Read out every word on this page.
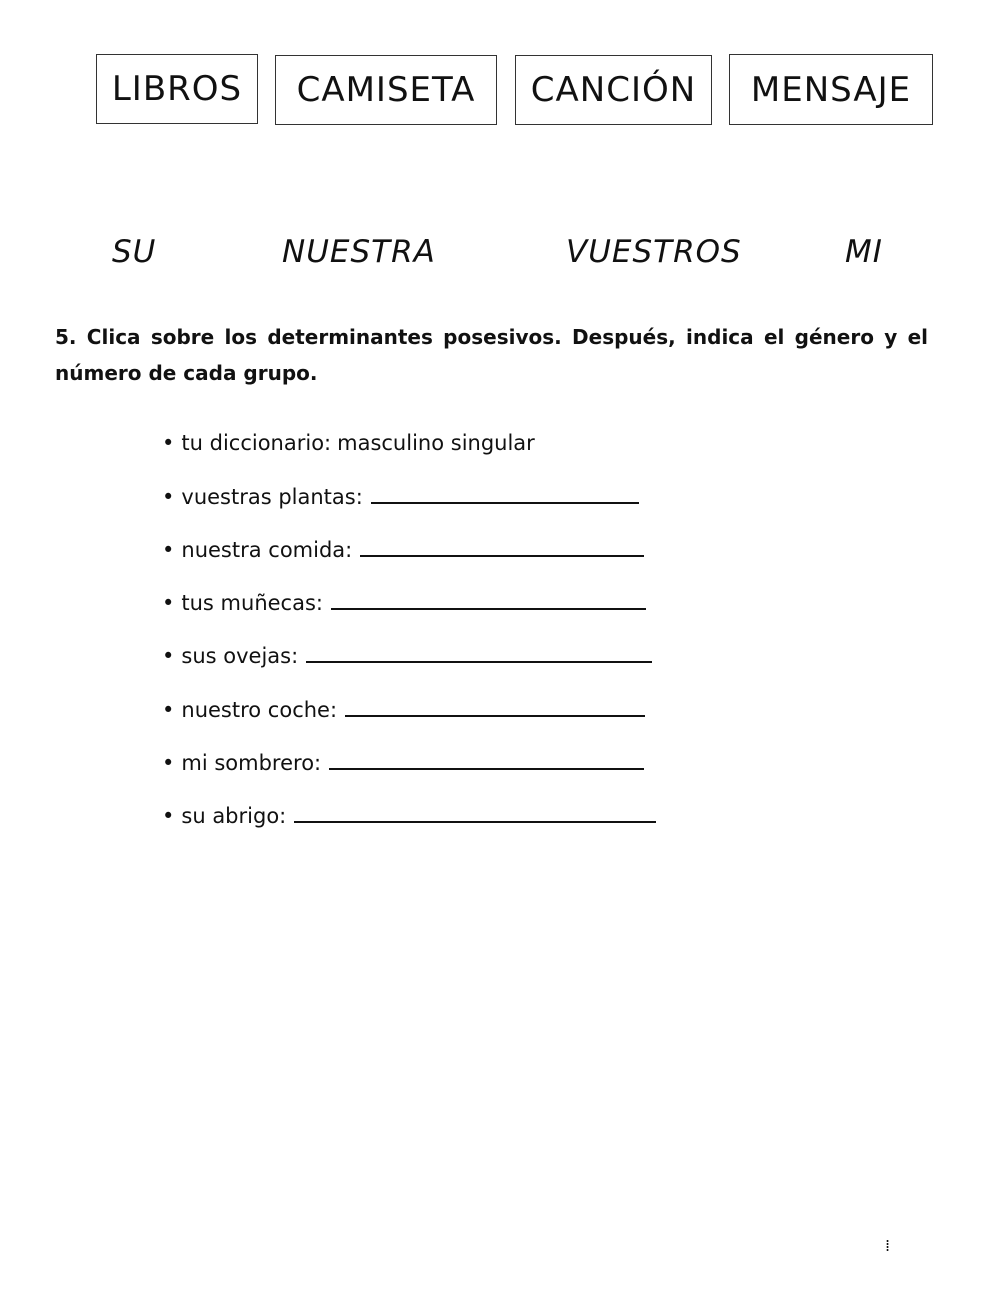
LIBROS	CAMISETA	CANCIÓN	MENSAJE
SU	NUESTRA	VUESTROS	MI

5. Clica sobre los determinantes posesivos. Después, indica el género y el número de cada grupo.

• tu diccionario: masculino singular
• vuestras plantas:
• nuestra comida:
• tus muñecas:
• sus ovejas:
• nuestro coche:
• mi sombrero:
• su abrigo:
⁞
